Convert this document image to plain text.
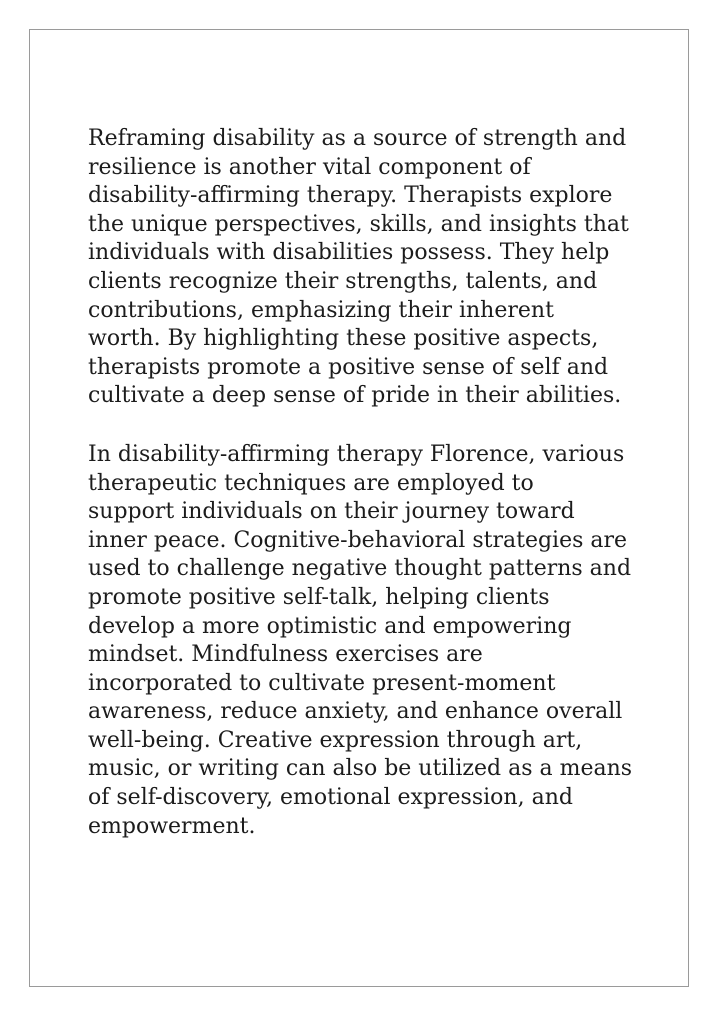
Reframing disability as a source of strength and
resilience is another vital component of
disability-affirming therapy. Therapists explore
the unique perspectives, skills, and insights that
individuals with disabilities possess. They help
clients recognize their strengths, talents, and
contributions, emphasizing their inherent
worth. By highlighting these positive aspects,
therapists promote a positive sense of self and
cultivate a deep sense of pride in their abilities.

In disability-affirming therapy Florence, various
therapeutic techniques are employed to
support individuals on their journey toward
inner peace. Cognitive-behavioral strategies are
used to challenge negative thought patterns and
promote positive self-talk, helping clients
develop a more optimistic and empowering
mindset. Mindfulness exercises are
incorporated to cultivate present-moment
awareness, reduce anxiety, and enhance overall
well-being. Creative expression through art,
music, or writing can also be utilized as a means
of self-discovery, emotional expression, and
empowerment.
